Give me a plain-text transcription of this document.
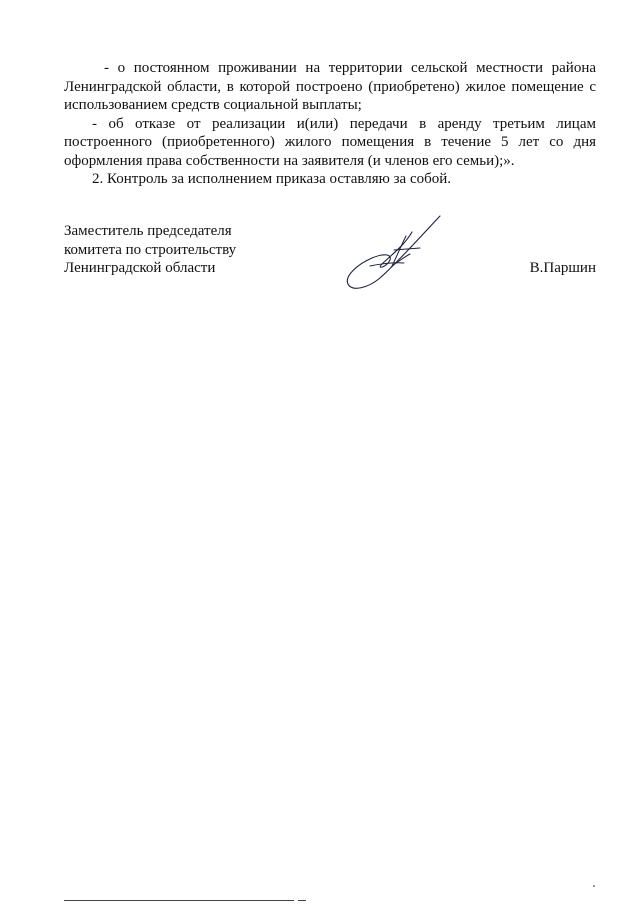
- о постоянном проживании на территории сельской местности района Ленинградской области, в которой построено (приобретено) жилое помещение с использованием средств социальной выплаты;

- об отказе от реализации и(или) передачи в аренду третьим лицам построенного (приобретенного) жилого помещения в течение 5 лет со дня оформления права собственности на заявителя (и членов его семьи);».

2. Контроль за исполнением приказа оставляю за собой.

Заместитель председателя
комитета по строительству
Ленинградской области	В.Паршин
